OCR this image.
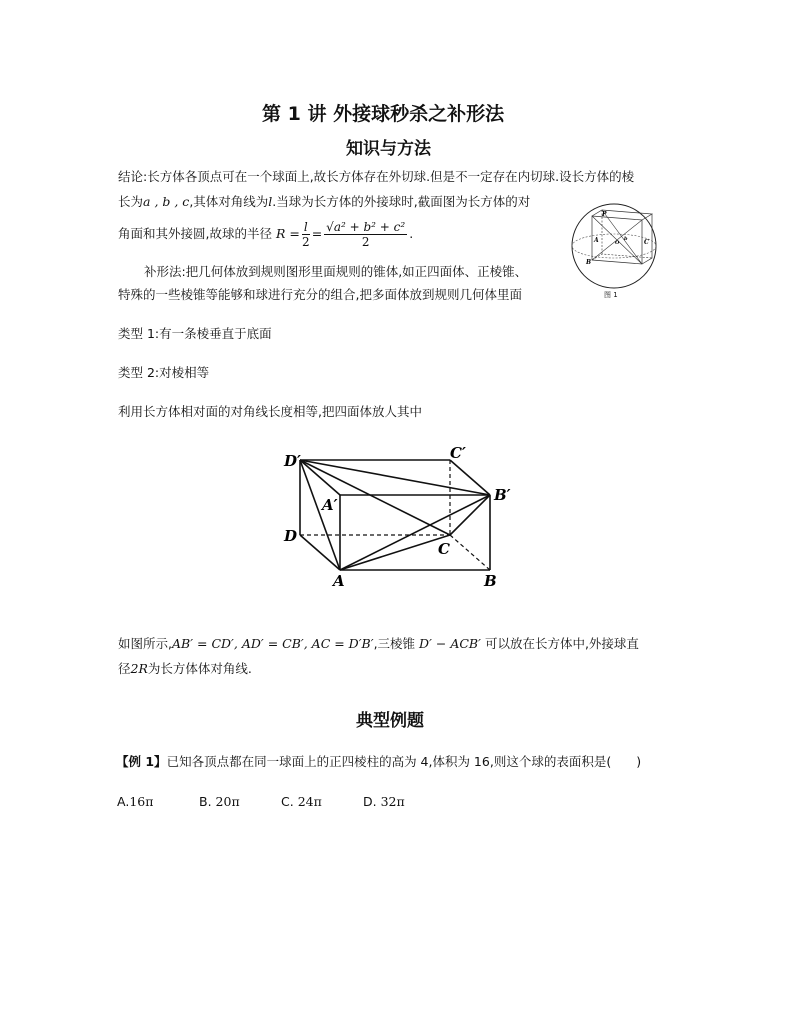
第 1 讲 外接球秒杀之补形法
知识与方法
结论:长方体各顶点可在一个球面上,故长方体存在外切球.但是不一定存在内切球.设长方体的棱
长为a , b , c,其体对角线为l.当球为长方体的外接球时,截面图为长方体的对
角面和其外接圆,故球的半径 $R = \frac{l}{2} = \frac{\text{√a² + b² + c²}}{2}$ .
补形法:把几何体放到规则图形里面规则的锥体,如正四面体、正棱锥、
特殊的一些棱锥等能够和球进行充分的组合,把多面体放到规则几何体里面
P
A
B
C
O
b
图 1
类型 1:有一条棱垂直于底面
类型 2:对棱相等
利用长方体相对面的对角线长度相等,把四面体放人其中
D′	C′
A′
B′
D
C
A	B
如图所示,AB′ = CD′, AD′ = CB′, AC = D′B′,三棱锥 D′ − ACB′ 可以放在长方体中,外接球直
径2R为长方体体对角线.
典型例题
【例 1】已知各顶点都在同一球面上的正四棱柱的高为 4,体积为 16,则这个球的表面积是(　　)
A.16π	B. 20π	C. 24π	D. 32π
